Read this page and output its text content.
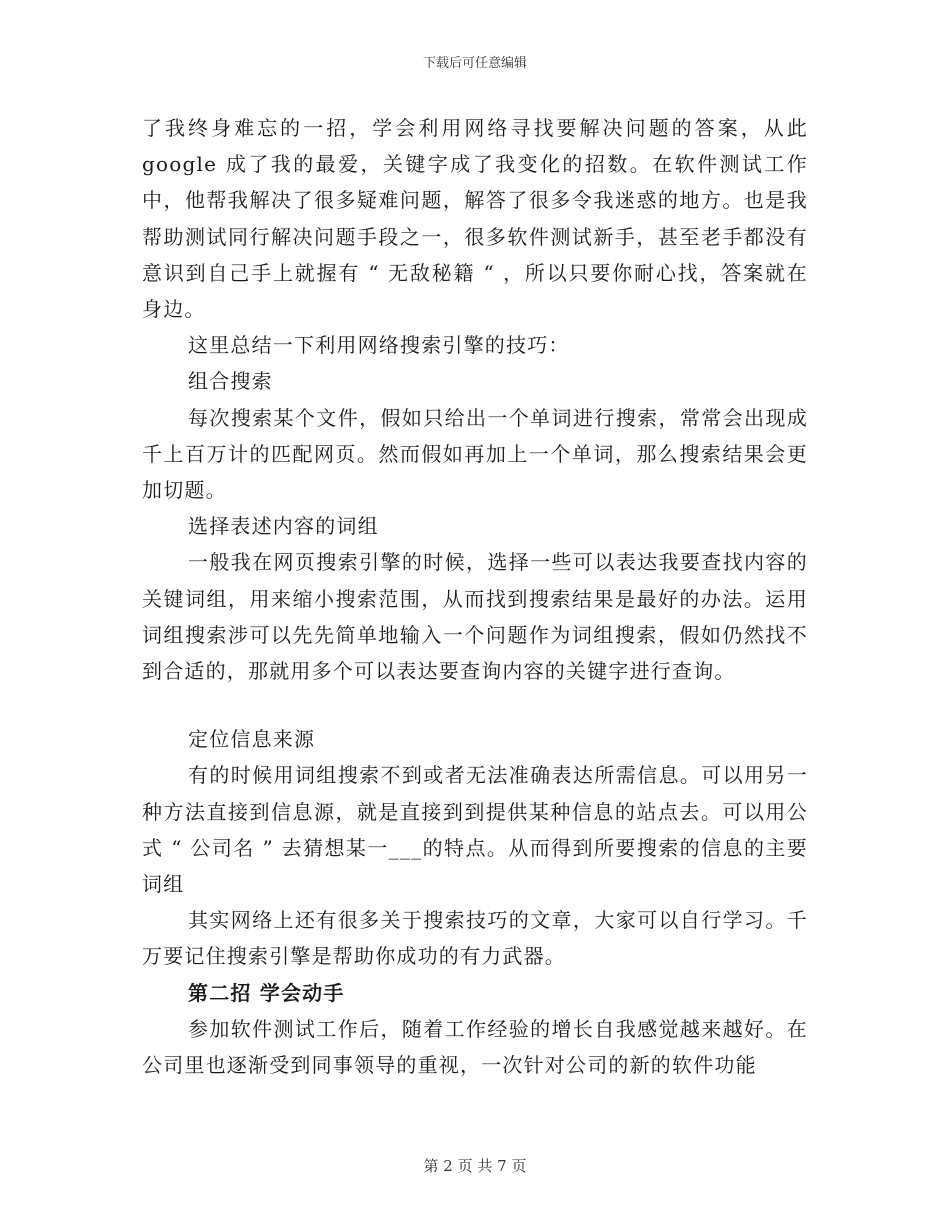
下载后可任意编辑

了我终身难忘的一招，学会利用网络寻找要解决问题的答案，从此 google 成了我的最爱，关键字成了我变化的招数。在软件测试工作中，他帮我解决了很多疑难问题，解答了很多令我迷惑的地方。也是我帮助测试同行解决问题手段之一，很多软件测试新手，甚至老手都没有意识到自己手上就握有 “ 无敌秘籍 “ ，所以只要你耐心找，答案就在身边。

这里总结一下利用网络搜索引擎的技巧：

组合搜索

每次搜索某个文件，假如只给出一个单词进行搜索，常常会出现成千上百万计的匹配网页。然而假如再加上一个单词，那么搜索结果会更加切题。

选择表述内容的词组

一般我在网页搜索引擎的时候，选择一些可以表达我要查找内容的关键词组，用来缩小搜索范围，从而找到搜索结果是最好的办法。运用词组搜索涉可以先先简单地输入一个问题作为词组搜索，假如仍然找不到合适的，那就用多个可以表达要查询内容的关键字进行查询。

定位信息来源

有的时候用词组搜索不到或者无法准确表达所需信息。可以用另一种方法直接到信息源，就是直接到到提供某种信息的站点去。可以用公式 “ 公司名 ” 去猜想某一___的特点。从而得到所要搜索的信息的主要词组

其实网络上还有很多关于搜索技巧的文章，大家可以自行学习。千万要记住搜索引擎是帮助你成功的有力武器。

第二招 学会动手

参加软件测试工作后，随着工作经验的增长自我感觉越来越好。在公司里也逐渐受到同事领导的重视，一次针对公司的新的软件功能

第 2 页 共 7 页
